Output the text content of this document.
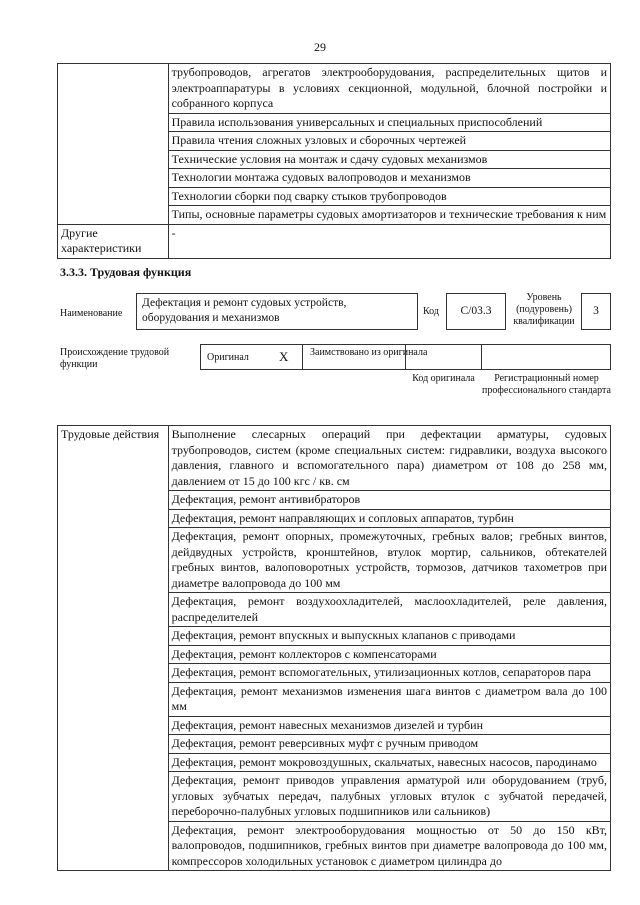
29
	трубопроводов, агрегатов электрооборудования, распределительных щитов и электроаппаратуры в условиях секционной, модульной, блочной постройки и собранного корпуса
	Правила использования универсальных и специальных приспособлений
	Правила чтения сложных узловых и сборочных чертежей
	Технические условия на монтаж и сдачу судовых механизмов
	Технологии монтажа судовых валопроводов и механизмов
	Технологии сборки под сварку стыков трубопроводов
	Типы, основные параметры судовых амортизаторов и технические требования к ним
Другие характеристики	-
3.3.3. Трудовая функция
Наименование
Дефектация и ремонт судовых устройств, оборудования и механизмов
Код	С/03.3
Уровень (подуровень) квалификации
3
Происхождение трудовой функции
Оригинал X Заимствовано из оригинала
Код оригинала	Регистрационный номер профессионального стандарта
Трудовые действия	Выполнение слесарных операций при дефектации арматуры, судовых трубопроводов, систем (кроме специальных систем: гидравлики, воздуха высокого давления, главного и вспомогательного пара) диаметром от 108 до 258 мм, давлением от 15 до 100 кгс / кв. см
Дефектация, ремонт антивибраторов
Дефектация, ремонт направляющих и сопловых аппаратов, турбин
Дефектация, ремонт опорных, промежуточных, гребных валов; гребных винтов, дейдвудных устройств, кронштейнов, втулок мортир, сальников, обтекателей гребных винтов, валоповоротных устройств, тормозов, датчиков тахометров при диаметре валопровода до 100 мм
Дефектация, ремонт воздухоохладителей, маслоохладителей, реле давления, распределителей
Дефектация, ремонт впускных и выпускных клапанов с приводами
Дефектация, ремонт коллекторов с компенсаторами
Дефектация, ремонт вспомогательных, утилизационных котлов, сепараторов пара
Дефектация, ремонт механизмов изменения шага винтов с диаметром вала до 100 мм
Дефектация, ремонт навесных механизмов дизелей и турбин
Дефектация, ремонт реверсивных муфт с ручным приводом
Дефектация, ремонт мокровоздушных, скальчатых, навесных насосов, пародинамо
Дефектация, ремонт приводов управления арматурой или оборудованием (труб, угловых зубчатых передач, палубных угловых втулок с зубчатой передачей, переборочно-палубных угловых подшипников или сальников)
Дефектация, ремонт электрооборудования мощностью от 50 до 150 кВт, валопроводов, подшипников, гребных винтов при диаметре валопровода до 100 мм, компрессоров холодильных установок с диаметром цилиндра до
